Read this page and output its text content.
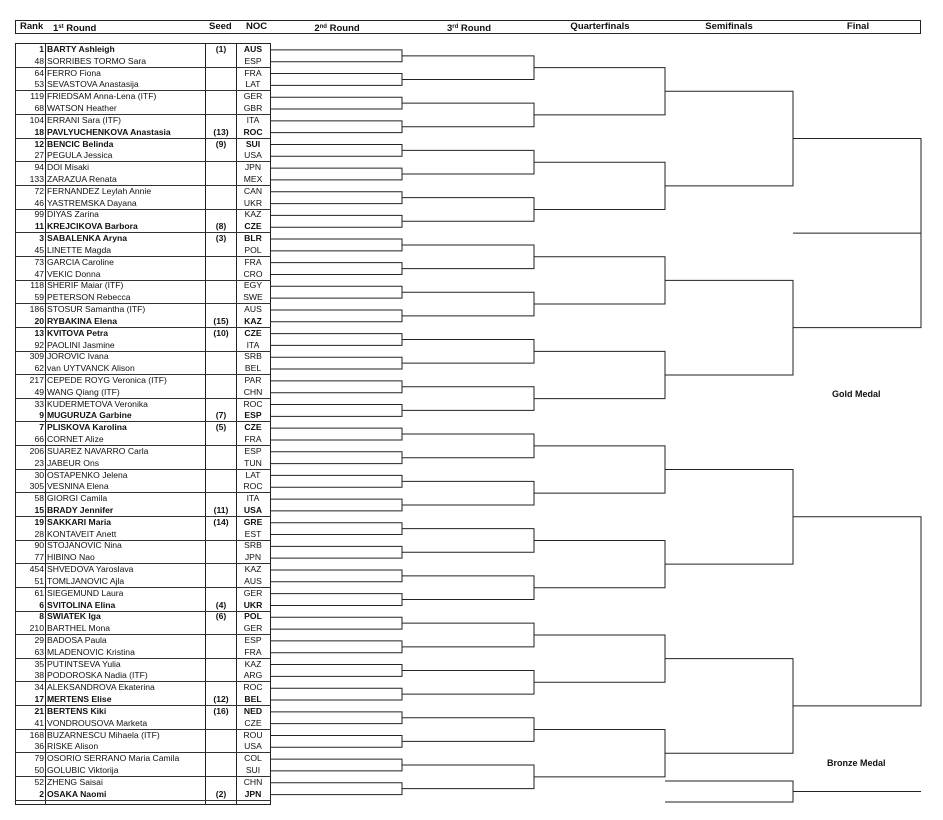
Rank 1st Round	Seed NOC	2nd Round	3rd Round	Quarterfinals	Semifinals	Final
1 BARTY Ashleigh	(1)	AUS
48 SORRIBES TORMO Sara	ESP
64 FERRO Fiona	FRA
53 SEVASTOVA Anastasija	LAT
119 FRIEDSAM Anna-Lena (ITF)	GER
68 WATSON Heather	GBR
104 ERRANI Sara (ITF)	ITA
18 PAVLYUCHENKOVA Anastasia	(13)	ROC
12 BENCIC Belinda	(9)	SUI
27 PEGULA Jessica	USA
94 DOI Misaki	JPN
133 ZARAZUA Renata	MEX
72 FERNANDEZ Leylah Annie	CAN
46 YASTREMSKA Dayana	UKR
99 DIYAS Zarina	KAZ
11 KREJCIKOVA Barbora	(8)	CZE
3 SABALENKA Aryna	(3)	BLR
45 LINETTE Magda	POL
73 GARCIA Caroline	FRA
47 VEKIC Donna	CRO
118 SHERIF Maiar (ITF)	EGY
59 PETERSON Rebecca	SWE
186 STOSUR Samantha (ITF)	AUS
20 RYBAKINA Elena	(15)	KAZ
13 KVITOVA Petra	(10)	CZE
92 PAOLINI Jasmine	ITA
309 JOROVIC Ivana	SRB
62 van UYTVANCK Alison	BEL
217 CEPEDE ROYG Veronica (ITF)	PAR
49 WANG Qiang (ITF)	CHN
33 KUDERMETOVA Veronika	ROC
9 MUGURUZA Garbine	(7)	ESP
7 PLISKOVA Karolina	(5)	CZE
66 CORNET Alize	FRA
206 SUAREZ NAVARRO Carla	ESP
23 JABEUR Ons	TUN
30 OSTAPENKO Jelena	LAT
305 VESNINA Elena	ROC
58 GIORGI Camila	ITA
15 BRADY Jennifer	(11)	USA
19 SAKKARI Maria	(14)	GRE
28 KONTAVEIT Anett	EST
90 STOJANOVIC Nina	SRB
77 HIBINO Nao	JPN
454 SHVEDOVA Yaroslava	KAZ
51 TOMLJANOVIC Ajla	AUS
61 SIEGEMUND Laura	GER
6 SVITOLINA Elina	(4)	UKR
8 SWIATEK Iga	(6)	POL
210 BARTHEL Mona	GER
29 BADOSA Paula	ESP
63 MLADENOVIC Kristina	FRA
35 PUTINTSEVA Yulia	KAZ
38 PODOROSKA Nadia (ITF)	ARG
34 ALEKSANDROVA Ekaterina	ROC
17 MERTENS Elise	(12)	BEL
21 BERTENS Kiki	(16)	NED
41 VONDROUSOVA Marketa	CZE
168 BUZARNESCU Mihaela (ITF)	ROU
36 RISKE Alison	USA
79 OSORIO SERRANO Maria Camila	COL
50 GOLUBIC Viktorija	SUI
52 ZHENG Saisai	CHN
2 OSAKA Naomi	(2)	JPN
Gold Medal
Bronze Medal
